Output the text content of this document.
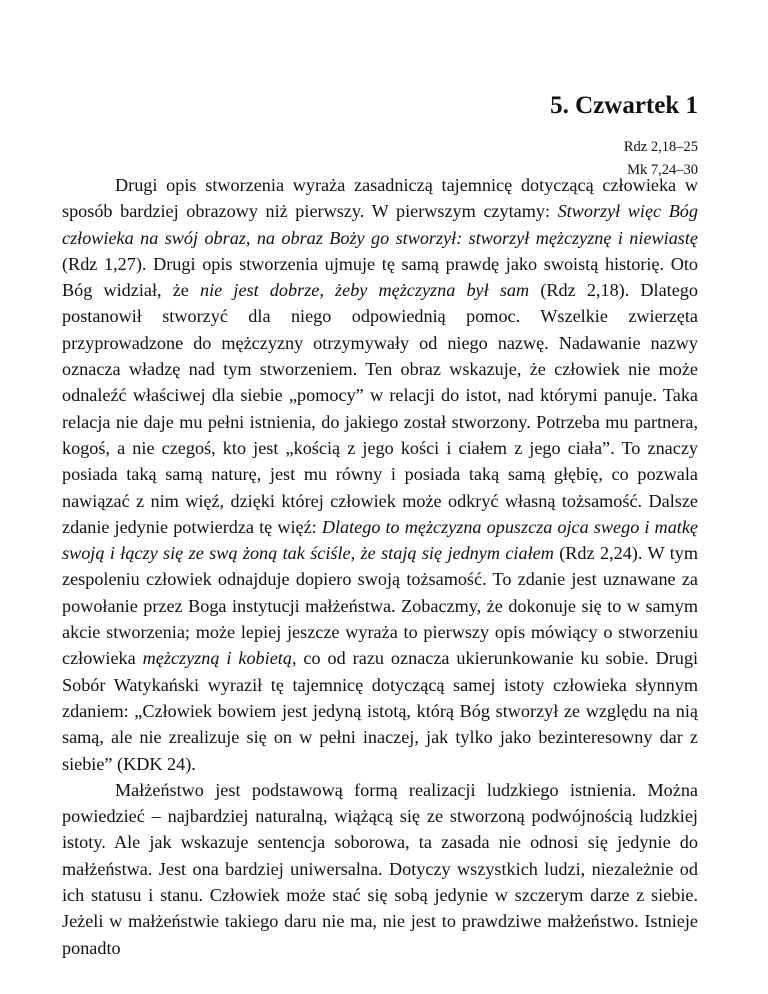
5. Czwartek 1
Rdz 2,18–25
Mk 7,24–30

Drugi opis stworzenia wyraża zasadniczą tajemnicę dotyczącą człowieka w sposób bardziej obrazowy niż pierwszy. W pierwszym czytamy: Stworzył więc Bóg człowieka na swój obraz, na obraz Boży go stworzył: stworzył mężczyznę i niewiastę (Rdz 1,27). Drugi opis stworzenia ujmuje tę samą prawdę jako swoistą historię. Oto Bóg widział, że nie jest dobrze, żeby mężczyzna był sam (Rdz 2,18). Dlatego postanowił stworzyć dla niego odpowiednią pomoc. Wszelkie zwierzęta przyprowadzone do mężczyzny otrzymywały od niego nazwę. Nadawanie nazwy oznacza władzę nad tym stworzeniem. Ten obraz wskazuje, że człowiek nie może odnaleźć właściwej dla siebie „pomocy” w relacji do istot, nad którymi panuje. Taka relacja nie daje mu pełni istnienia, do jakiego został stworzony. Potrzeba mu partnera, kogoś, a nie czegoś, kto jest „kością z jego kości i ciałem z jego ciała”. To znaczy posiada taką samą naturę, jest mu równy i posiada taką samą głębię, co pozwala nawiązać z nim więź, dzięki której człowiek może odkryć własną tożsamość. Dalsze zdanie jedynie potwierdza tę więź: Dlatego to mężczyzna opuszcza ojca swego i matkę swoją i łączy się ze swą żoną tak ściśle, że stają się jednym ciałem (Rdz 2,24). W tym zespoleniu człowiek odnajduje dopiero swoją tożsamość. To zdanie jest uznawane za powołanie przez Boga instytucji małżeństwa. Zobaczmy, że dokonuje się to w samym akcie stworzenia; może lepiej jeszcze wyraża to pierwszy opis mówiący o stworzeniu człowieka mężczyzną i kobietą, co od razu oznacza ukierunkowanie ku sobie. Drugi Sobór Watykański wyraził tę tajemnicę dotyczącą samej istoty człowieka słynnym zdaniem: „Człowiek bowiem jest jedyną istotą, którą Bóg stworzył ze względu na nią samą, ale nie zrealizuje się on w pełni inaczej, jak tylko jako bezinteresowny dar z siebie” (KDK 24).

Małżeństwo jest podstawową formą realizacji ludzkiego istnienia. Można powiedzieć – najbardziej naturalną, wiążącą się ze stworzoną podwójnością ludzkiej istoty. Ale jak wskazuje sentencja soborowa, ta zasada nie odnosi się jedynie do małżeństwa. Jest ona bardziej uniwersalna. Dotyczy wszystkich ludzi, niezależnie od ich statusu i stanu. Człowiek może stać się sobą jedynie w szczerym darze z siebie. Jeżeli w małżeństwie takiego daru nie ma, nie jest to prawdziwe małżeństwo. Istnieje ponadto
